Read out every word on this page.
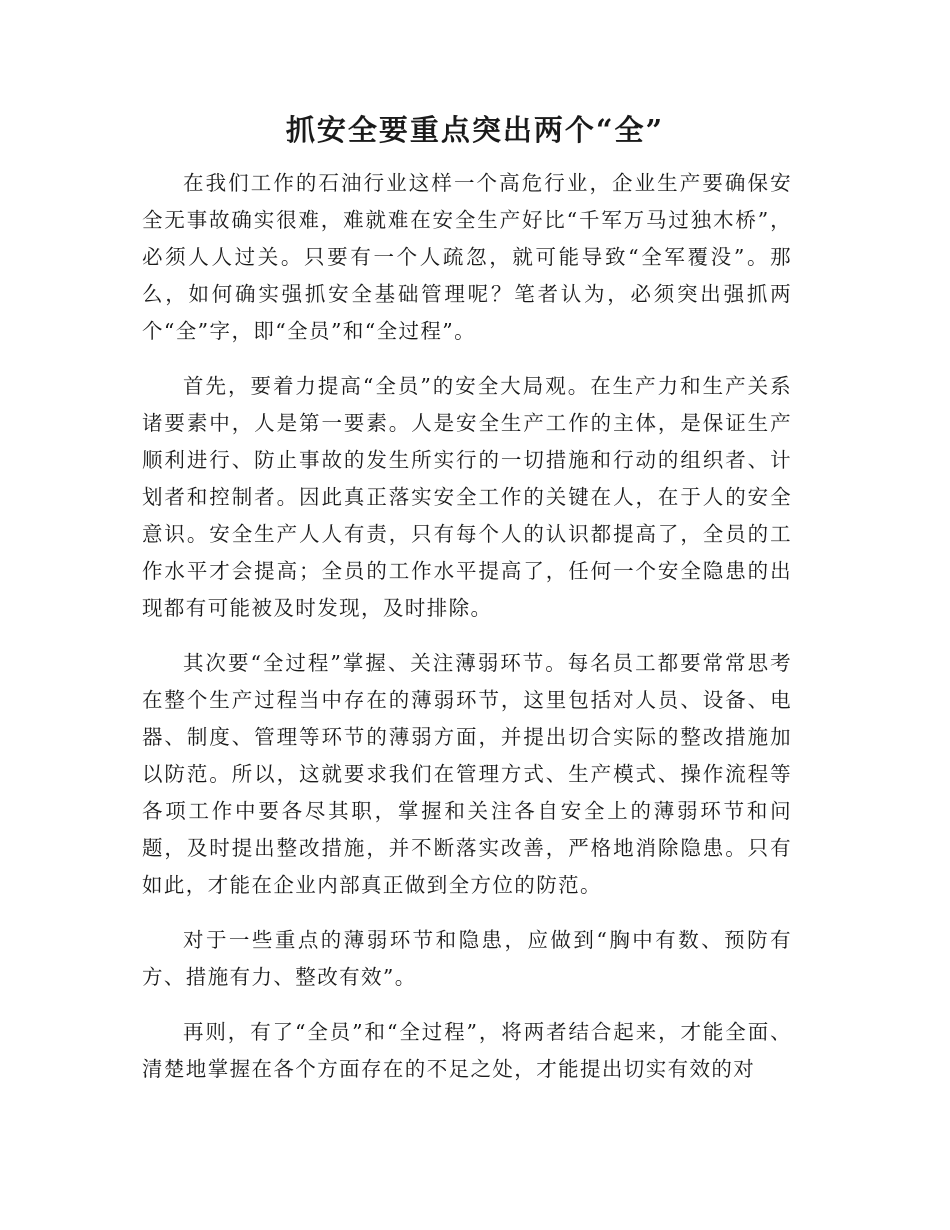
抓安全要重点突出两个“全”

在我们工作的石油行业这样一个高危行业，企业生产要确保安全无事故确实很难，难就难在安全生产好比“千军万马过独木桥”，必须人人过关。只要有一个人疏忽，就可能导致“全军覆没”。那么，如何确实强抓安全基础管理呢？笔者认为，必须突出强抓两个“全”字，即“全员”和“全过程”。

首先，要着力提高“全员”的安全大局观。在生产力和生产关系诸要素中，人是第一要素。人是安全生产工作的主体，是保证生产顺利进行、防止事故的发生所实行的一切措施和行动的组织者、计划者和控制者。因此真正落实安全工作的关键在人，在于人的安全意识。安全生产人人有责，只有每个人的认识都提高了，全员的工作水平才会提高；全员的工作水平提高了，任何一个安全隐患的出现都有可能被及时发现，及时排除。

其次要“全过程”掌握、关注薄弱环节。每名员工都要常常思考在整个生产过程当中存在的薄弱环节，这里包括对人员、设备、电器、制度、管理等环节的薄弱方面，并提出切合实际的整改措施加以防范。所以，这就要求我们在管理方式、生产模式、操作流程等各项工作中要各尽其职，掌握和关注各自安全上的薄弱环节和问题，及时提出整改措施，并不断落实改善，严格地消除隐患。只有如此，才能在企业内部真正做到全方位的防范。

对于一些重点的薄弱环节和隐患，应做到“胸中有数、预防有方、措施有力、整改有效”。

再则，有了“全员”和“全过程”，将两者结合起来，才能全面、清楚地掌握在各个方面存在的不足之处，才能提出切实有效的对
